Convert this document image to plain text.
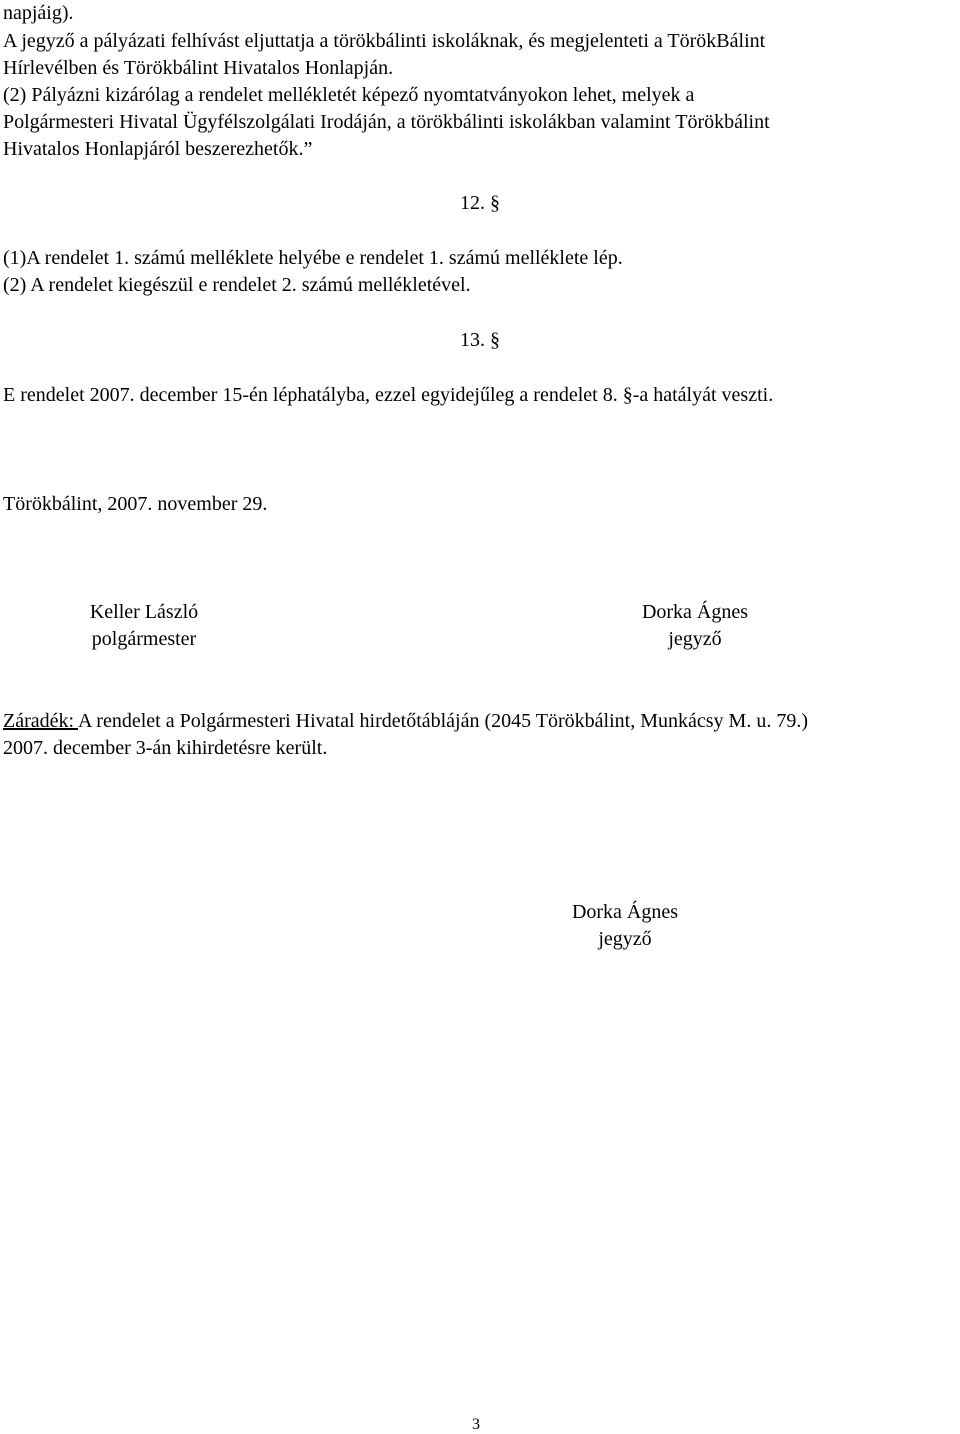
napjáig).
A jegyző a pályázati felhívást eljuttatja a törökbálinti iskoláknak, és megjelenteti a TörökBálint
Hírlevélben és Törökbálint Hivatalos Honlapján.
(2) Pályázni kizárólag a rendelet mellékletét képező nyomtatványokon lehet, melyek a
Polgármesteri Hivatal Ügyfélszolgálati Irodáján, a törökbálinti iskolákban valamint Törökbálint
Hivatalos Honlapjáról beszerezhetők.”
12. §
(1)A rendelet 1. számú melléklete helyébe e rendelet 1. számú melléklete lép.
(2) A rendelet kiegészül e rendelet 2. számú mellékletével.
13. §
E rendelet 2007. december 15-én léphatályba, ezzel egyidejűleg a rendelet 8. §-a hatályát veszti.
Törökbálint, 2007. november 29.
Keller László
polgármester
Dorka Ágnes
jegyző
Záradék: A rendelet a Polgármesteri Hivatal hirdetőtábláján (2045 Törökbálint, Munkácsy M. u. 79.)
2007. december 3-án kihirdetésre került.
Dorka Ágnes
jegyző
3
